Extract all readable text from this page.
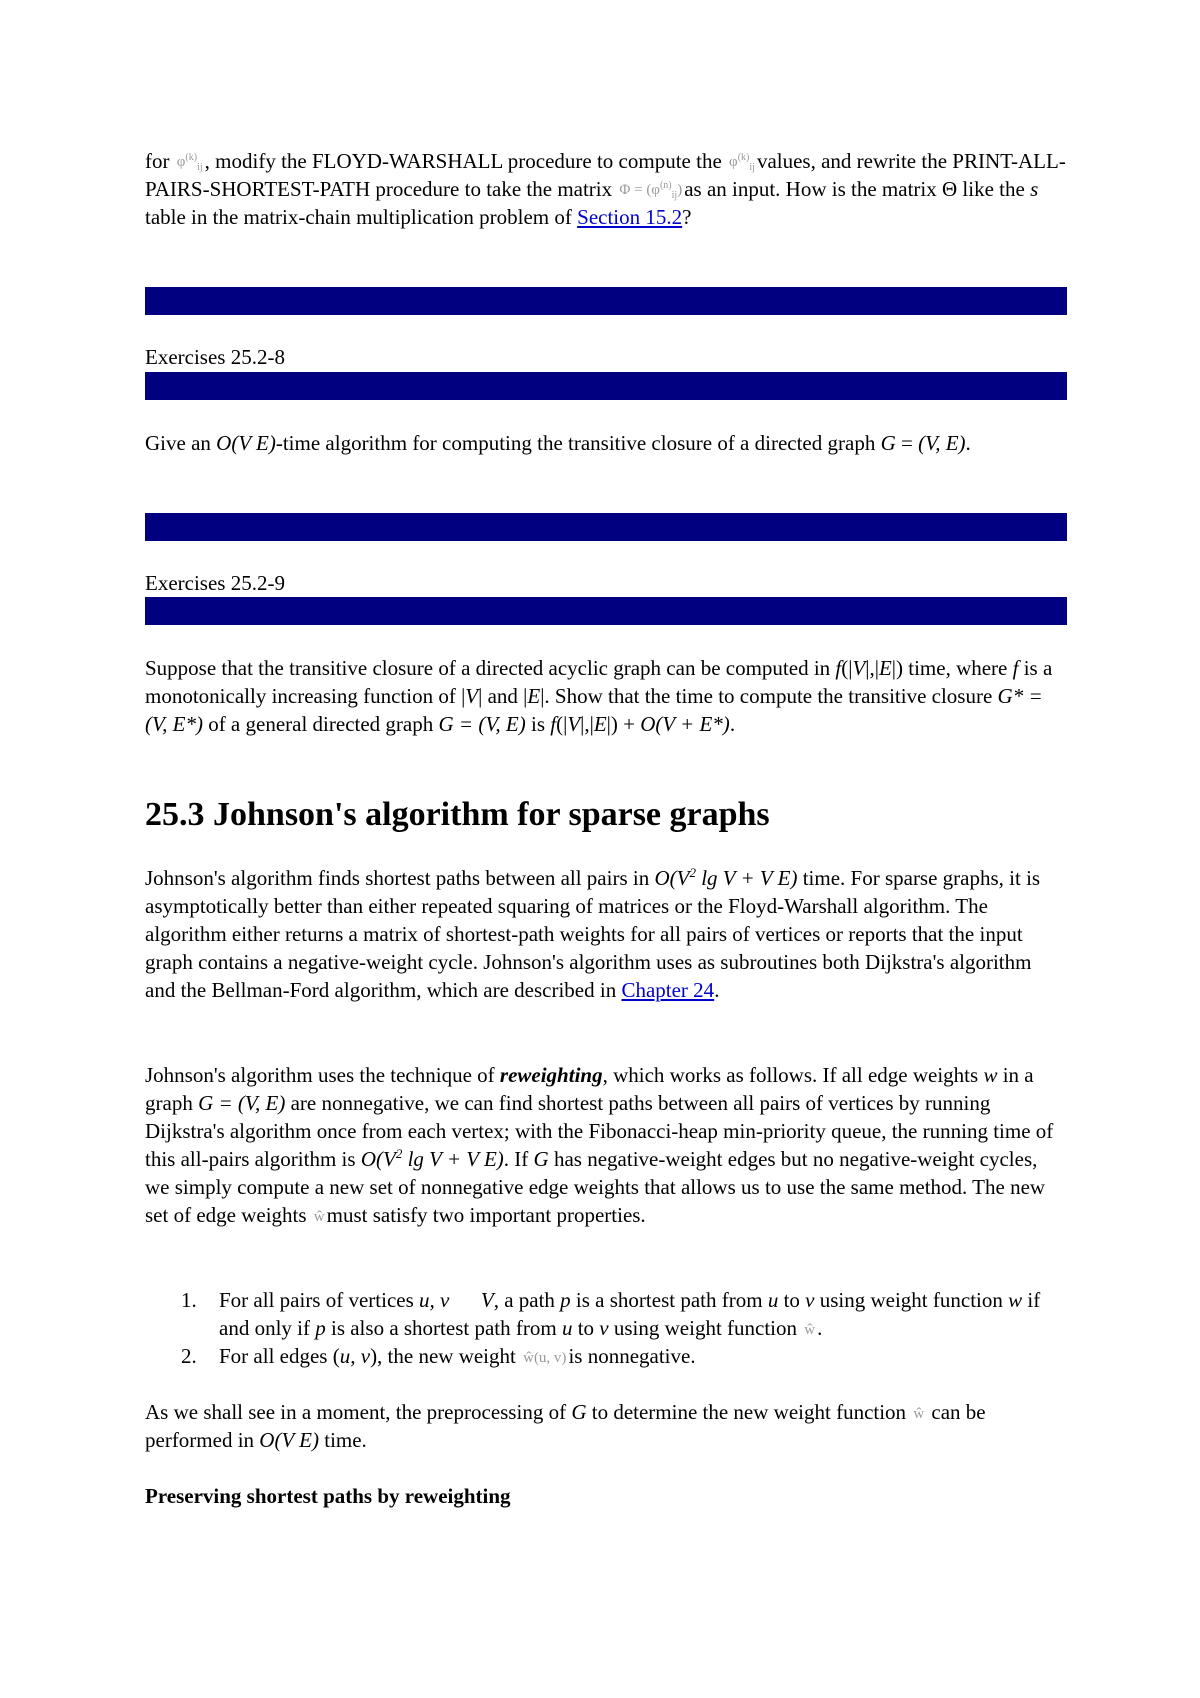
for $\varphi^{(k)}_{ij}$, modify the FLOYD-WARSHALL procedure to compute the $\varphi^{(k)}_{ij}values$, and rewrite the PRINT-ALL-PAIRS-SHORTEST-PATH procedure to take the matrix $\Phi = (\varphi^{(n)}_{ij})as$ an input. How is the matrix Θ like the s table in the matrix-chain multiplication problem of Section 15.2?

Exercises 25.2-8

Give an O(V E)-time algorithm for computing the transitive closure of a directed graph G = (V, E).

Exercises 25.2-9

Suppose that the transitive closure of a directed acyclic graph can be computed in f(|V|,|E|) time, where f is a monotonically increasing function of |V| and |E|. Show that the time to compute the transitive closure G* = (V, E*) of a general directed graph G = (V, E) is f(|V|,|E|) + O(V + E*).

25.3 Johnson's algorithm for sparse graphs

Johnson's algorithm finds shortest paths between all pairs in $O(V^2$ lg V + V E) time. For sparse graphs, it is asymptotically better than either repeated squaring of matrices or the Floyd-Warshall algorithm. The algorithm either returns a matrix of shortest-path weights for all pairs of vertices or reports that the input graph contains a negative-weight cycle. Johnson's algorithm uses as subroutines both Dijkstra's algorithm and the Bellman-Ford algorithm, which are described in Chapter 24.

Johnson's algorithm uses the technique of reweighting, which works as follows. If all edge weights w in a graph G = (V, E) are nonnegative, we can find shortest paths between all pairs of vertices by running Dijkstra's algorithm once from each vertex; with the Fibonacci-heap min-priority queue, the running time of this all-pairs algorithm is $O(V^2$ lg V + V E). If G has negative-weight edges but no negative-weight cycles, we simply compute a new set of nonnegative edge weights that allows us to use the same method. The new set of edge weights ŵmust satisfy two important properties.

1. For all pairs of vertices u, v V, a path p is a shortest path from u to v using weight function w if and only if p is also a shortest path from u to v using weight function ŵ.
2. For all edges (u, v), the new weight ŵ(u, v)is nonnegative.

As we shall see in a moment, the preprocessing of G to determine the new weight function ŵ can be performed in O(V E) time.

Preserving shortest paths by reweighting
